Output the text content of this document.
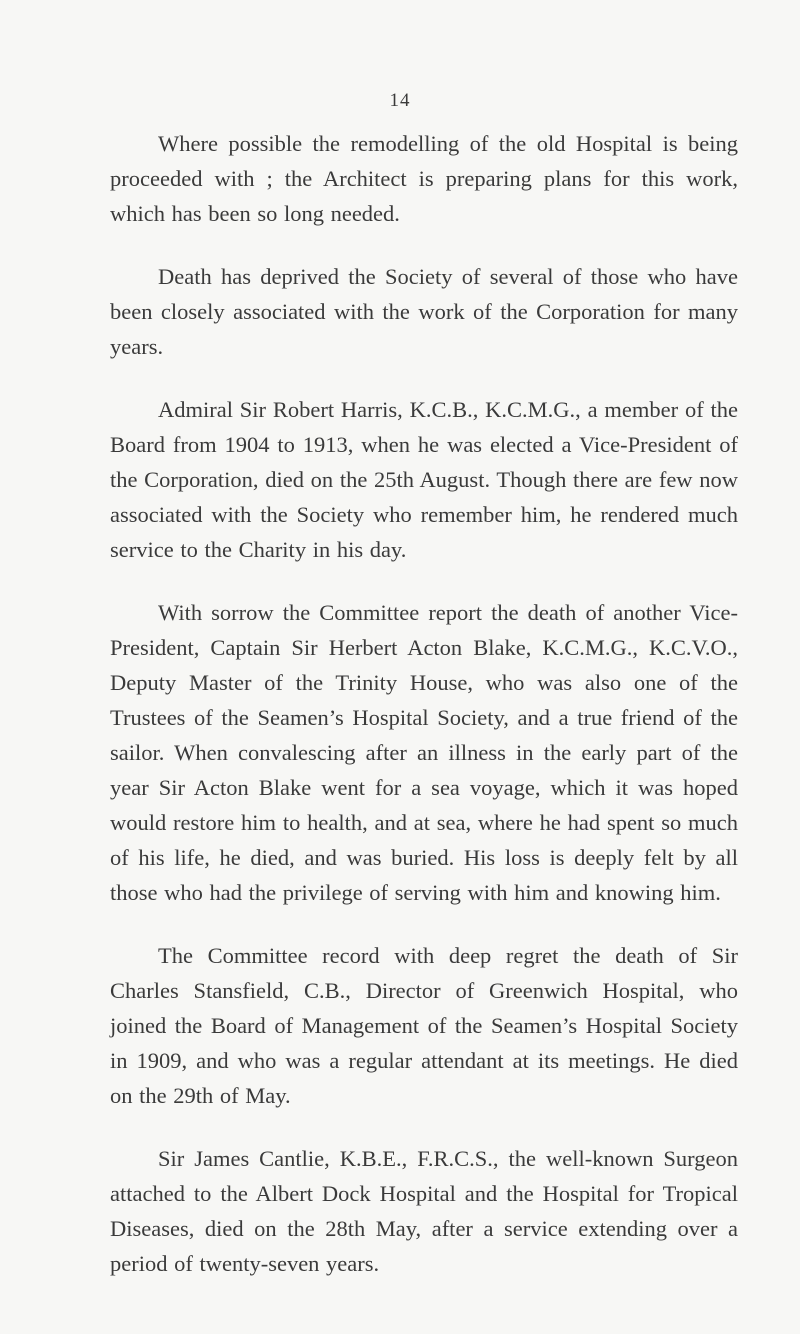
14

Where possible the remodelling of the old Hospital is being proceeded with ; the Architect is preparing plans for this work, which has been so long needed.

Death has deprived the Society of several of those who have been closely associated with the work of the Corporation for many years.

Admiral Sir Robert Harris, K.C.B., K.C.M.G., a member of the Board from 1904 to 1913, when he was elected a Vice-President of the Corporation, died on the 25th August. Though there are few now associated with the Society who remember him, he rendered much service to the Charity in his day.

With sorrow the Committee report the death of another Vice-President, Captain Sir Herbert Acton Blake, K.C.M.G., K.C.V.O., Deputy Master of the Trinity House, who was also one of the Trustees of the Seamen’s Hospital Society, and a true friend of the sailor. When convalescing after an illness in the early part of the year Sir Acton Blake went for a sea voyage, which it was hoped would restore him to health, and at sea, where he had spent so much of his life, he died, and was buried. His loss is deeply felt by all those who had the privilege of serving with him and knowing him.

The Committee record with deep regret the death of Sir Charles Stansfield, C.B., Director of Greenwich Hospital, who joined the Board of Management of the Seamen’s Hospital Society in 1909, and who was a regular attendant at its meetings. He died on the 29th of May.

Sir James Cantlie, K.B.E., F.R.C.S., the well-known Surgeon attached to the Albert Dock Hospital and the Hospital for Tropical Diseases, died on the 28th May, after a service extending over a period of twenty-seven years.
